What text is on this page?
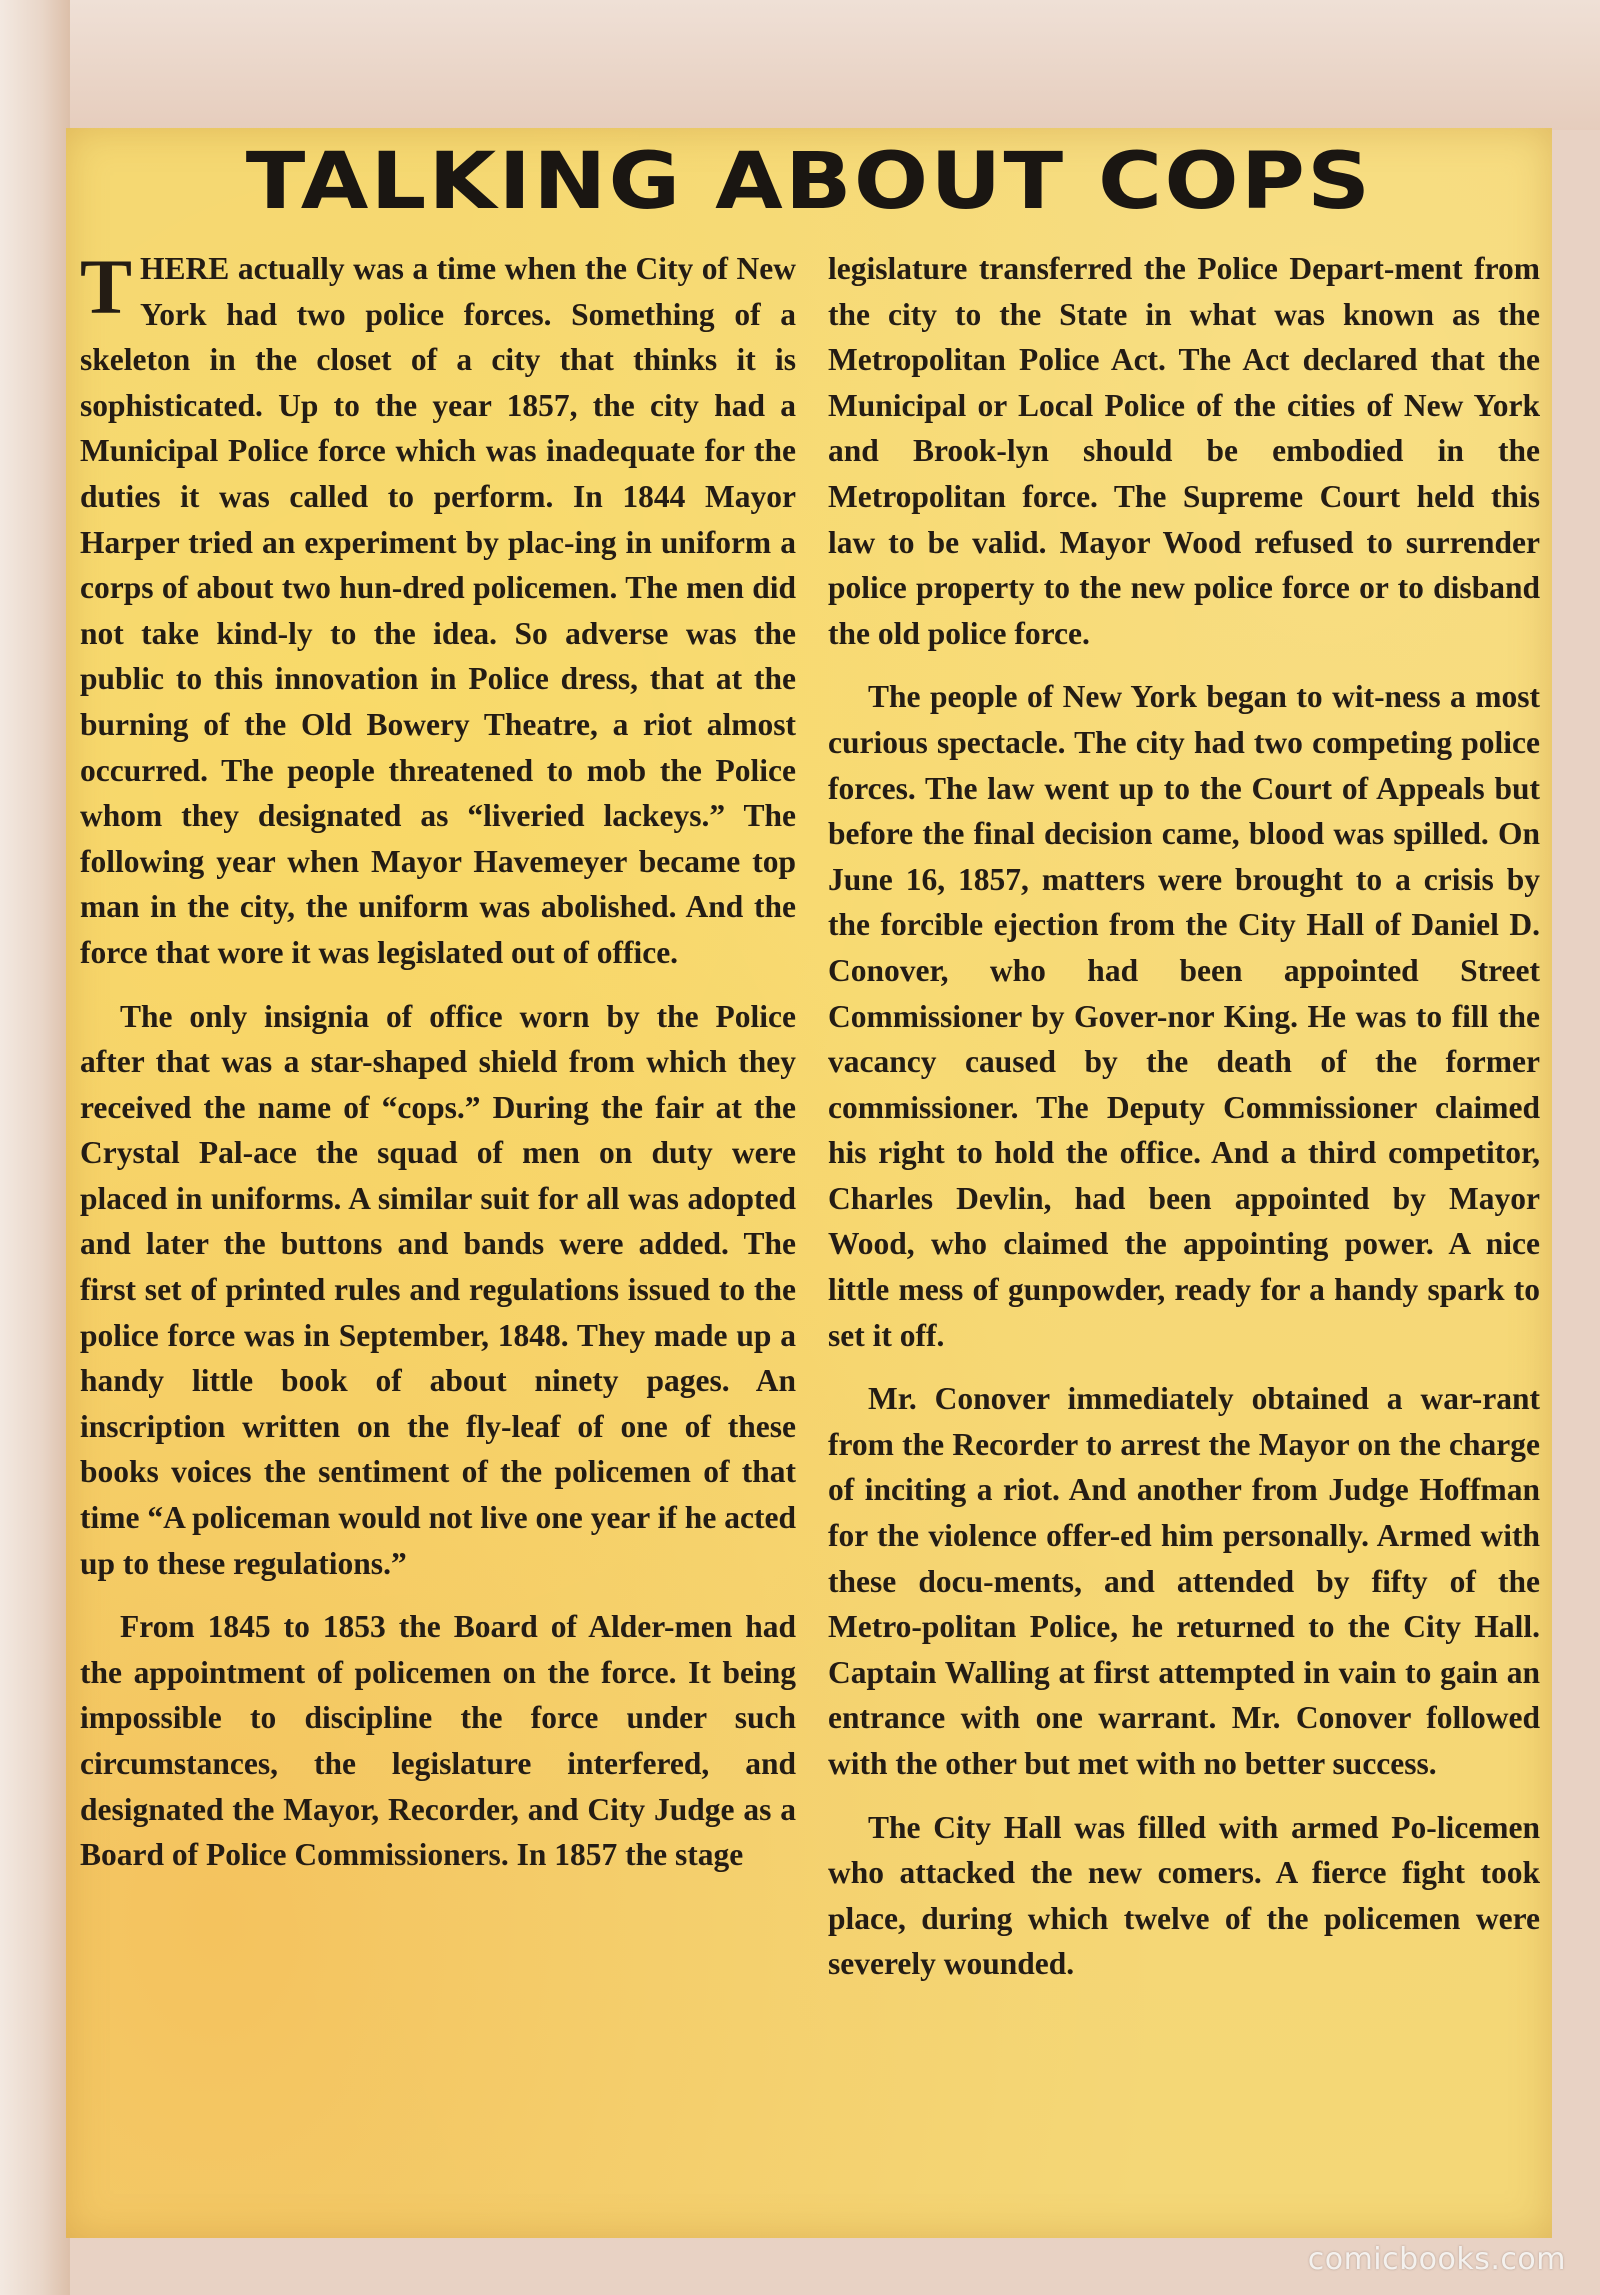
TALKING ABOUT COPS

THERE actually was a time when the City of New York had two police forces. Something of a skeleton in the closet of a city that thinks it is sophisticated. Up to the year 1857, the city had a Municipal Police force which was inadequate for the duties it was called to perform. In 1844 Mayor Harper tried an experiment by plac-ing in uniform a corps of about two hun-dred policemen. The men did not take kind-ly to the idea. So adverse was the public to this innovation in Police dress, that at the burning of the Old Bowery Theatre, a riot almost occurred. The people threatened to mob the Police whom they designated as “liveried lackeys.” The following year when Mayor Havemeyer became top man in the city, the uniform was abolished. And the force that wore it was legislated out of office.

The only insignia of office worn by the Police after that was a star-shaped shield from which they received the name of “cops.” During the fair at the Crystal Pal-ace the squad of men on duty were placed in uniforms. A similar suit for all was adopted and later the buttons and bands were added. The first set of printed rules and regulations issued to the police force was in September, 1848. They made up a handy little book of about ninety pages. An inscription written on the fly-leaf of one of these books voices the sentiment of the policemen of that time “A policeman would not live one year if he acted up to these regulations.”

From 1845 to 1853 the Board of Alder-men had the appointment of policemen on the force. It being impossible to discipline the force under such circumstances, the legislature interfered, and designated the Mayor, Recorder, and City Judge as a Board of Police Commissioners. In 1857 the stage

legislature transferred the Police Depart-ment from the city to the State in what was known as the Metropolitan Police Act. The Act declared that the Municipal or Local Police of the cities of New York and Brook-lyn should be embodied in the Metropolitan force. The Supreme Court held this law to be valid. Mayor Wood refused to surrender police property to the new police force or to disband the old police force.

The people of New York began to wit-ness a most curious spectacle. The city had two competing police forces. The law went up to the Court of Appeals but before the final decision came, blood was spilled. On June 16, 1857, matters were brought to a crisis by the forcible ejection from the City Hall of Daniel D. Conover, who had been appointed Street Commissioner by Gover-nor King. He was to fill the vacancy caused by the death of the former commissioner. The Deputy Commissioner claimed his right to hold the office. And a third competitor, Charles Devlin, had been appointed by Mayor Wood, who claimed the appointing power. A nice little mess of gunpowder, ready for a handy spark to set it off.

Mr. Conover immediately obtained a war-rant from the Recorder to arrest the Mayor on the charge of inciting a riot. And another from Judge Hoffman for the violence offer-ed him personally. Armed with these docu-ments, and attended by fifty of the Metro-politan Police, he returned to the City Hall. Captain Walling at first attempted in vain to gain an entrance with one warrant. Mr. Conover followed with the other but met with no better success.

The City Hall was filled with armed Po-licemen who attacked the new comers. A fierce fight took place, during which twelve of the policemen were severely wounded.

comicbooks.com
